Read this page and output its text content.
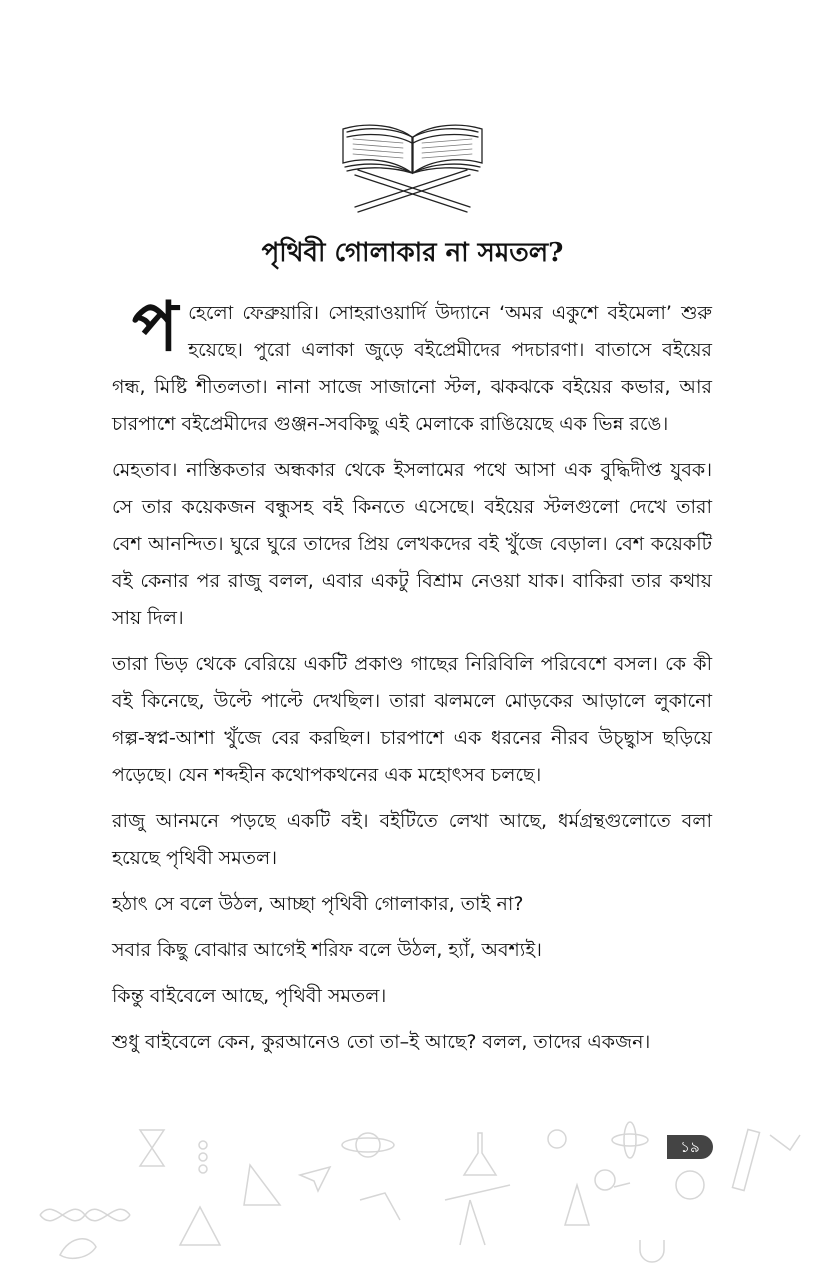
পৃথিবী গোলাকার না সমতল?

পহেলো ফেব্রুয়ারি। সোহরাওয়ার্দি উদ্যানে ‘অমর একুশে বইমেলা’ শুরু হয়েছে। পুরো এলাকা জুড়ে বইপ্রেমীদের পদচারণা। বাতাসে বইয়ের গন্ধ, মিষ্টি শীতলতা। নানা সাজে সাজানো স্টল, ঝকঝকে বইয়ের কভার, আর চারপাশে বইপ্রেমীদের গুঞ্জন-সবকিছু এই মেলাকে রাঙিয়েছে এক ভিন্ন রঙে।

মেহতাব। নাস্তিকতার অন্ধকার থেকে ইসলামের পথে আসা এক বুদ্ধিদীপ্ত যুবক। সে তার কয়েকজন বন্ধুসহ বই কিনতে এসেছে। বইয়ের স্টলগুলো দেখে তারা বেশ আনন্দিত। ঘুরে ঘুরে তাদের প্রিয় লেখকদের বই খুঁজে বেড়াল। বেশ কয়েকটি বই কেনার পর রাজু বলল, এবার একটু বিশ্রাম নেওয়া যাক। বাকিরা তার কথায় সায় দিল।

তারা ভিড় থেকে বেরিয়ে একটি প্রকাণ্ড গাছের নিরিবিলি পরিবেশে বসল। কে কী বই কিনেছে, উল্টে পাল্টে দেখছিল। তারা ঝলমলে মোড়কের আড়ালে লুকানো গল্প-স্বপ্ন-আশা খুঁজে বের করছিল। চারপাশে এক ধরনের নীরব উচ্ছ্বাস ছড়িয়ে পড়েছে। যেন শব্দহীন কথোপকথনের এক মহোৎসব চলছে।

রাজু আনমনে পড়ছে একটি বই। বইটিতে লেখা আছে, ধর্মগ্রন্থগুলোতে বলা হয়েছে পৃথিবী সমতল।

হঠাৎ সে বলে উঠল, আচ্ছা পৃথিবী গোলাকার, তাই না?

সবার কিছু বোঝার আগেই শরিফ বলে উঠল, হ্যাঁ, অবশ্যই।

কিন্তু বাইবেলে আছে, পৃথিবী সমতল।

শুধু বাইবেলে কেন, কুরআনেও তো তা–ই আছে? বলল, তাদের একজন।

১৯
